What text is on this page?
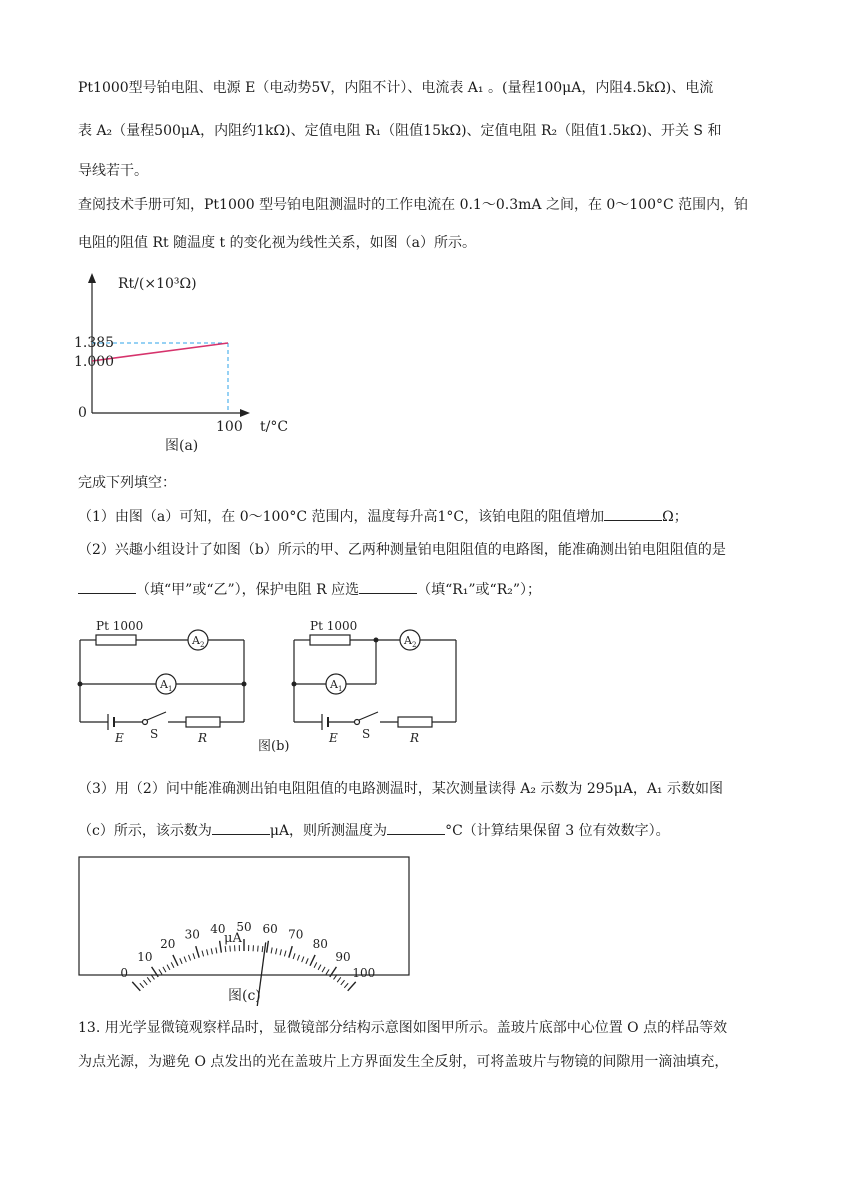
Pt1000型号铂电阻、电源 E（电动势5V，内阻不计）、电流表 A₁ 。(量程100μA，内阻4.5kΩ)、电流
表 A₂（量程500μA，内阻约1kΩ)、定值电阻 R₁（阻值15kΩ)、定值电阻 R₂（阻值1.5kΩ)、开关 S 和
导线若干。
查阅技术手册可知，Pt1000 型号铂电阻测温时的工作电流在 0.1～0.3mA 之间，在 0～100°C 范围内，铂
电阻的阻值 Rt 随温度 t 的变化视为线性关系，如图（a）所示。
Rt/(×10³Ω)
1.385
1.000
0
100 t/°C
图(a)
完成下列填空：
（1）由图（a）可知，在 0～100°C 范围内，温度每升高1°C，该铂电阻的阻值增加	Ω；
（2）兴趣小组设计了如图（b）所示的甲、乙两种测量铂电阻阻值的电路图，能准确测出铂电阻阻值的是
（填“甲”或“乙”），保护电阻 R 应选	（填“R₁”或“R₂”）；
Pt 1000
$A_2$
$A_1$
E S	R
Pt 1000
$A_2$
$A_1$
E S	R
图(b)
（3）用（2）问中能准确测出铂电阻阻值的电路测温时，某次测量读得 A₂ 示数为 295μA，A₁ 示数如图
（c）所示，该示数为	μA，则所测温度为	°C（计算结果保留 3 位有效数字）。
0
10
20
30 40 50 60 70
80
90
100
μA
图(c)
13. 用光学显微镜观察样品时，显微镜部分结构示意图如图甲所示。盖玻片底部中心位置 O 点的样品等效
为点光源，为避免 O 点发出的光在盖玻片上方界面发生全反射，可将盖玻片与物镜的间隙用一滴油填充，
